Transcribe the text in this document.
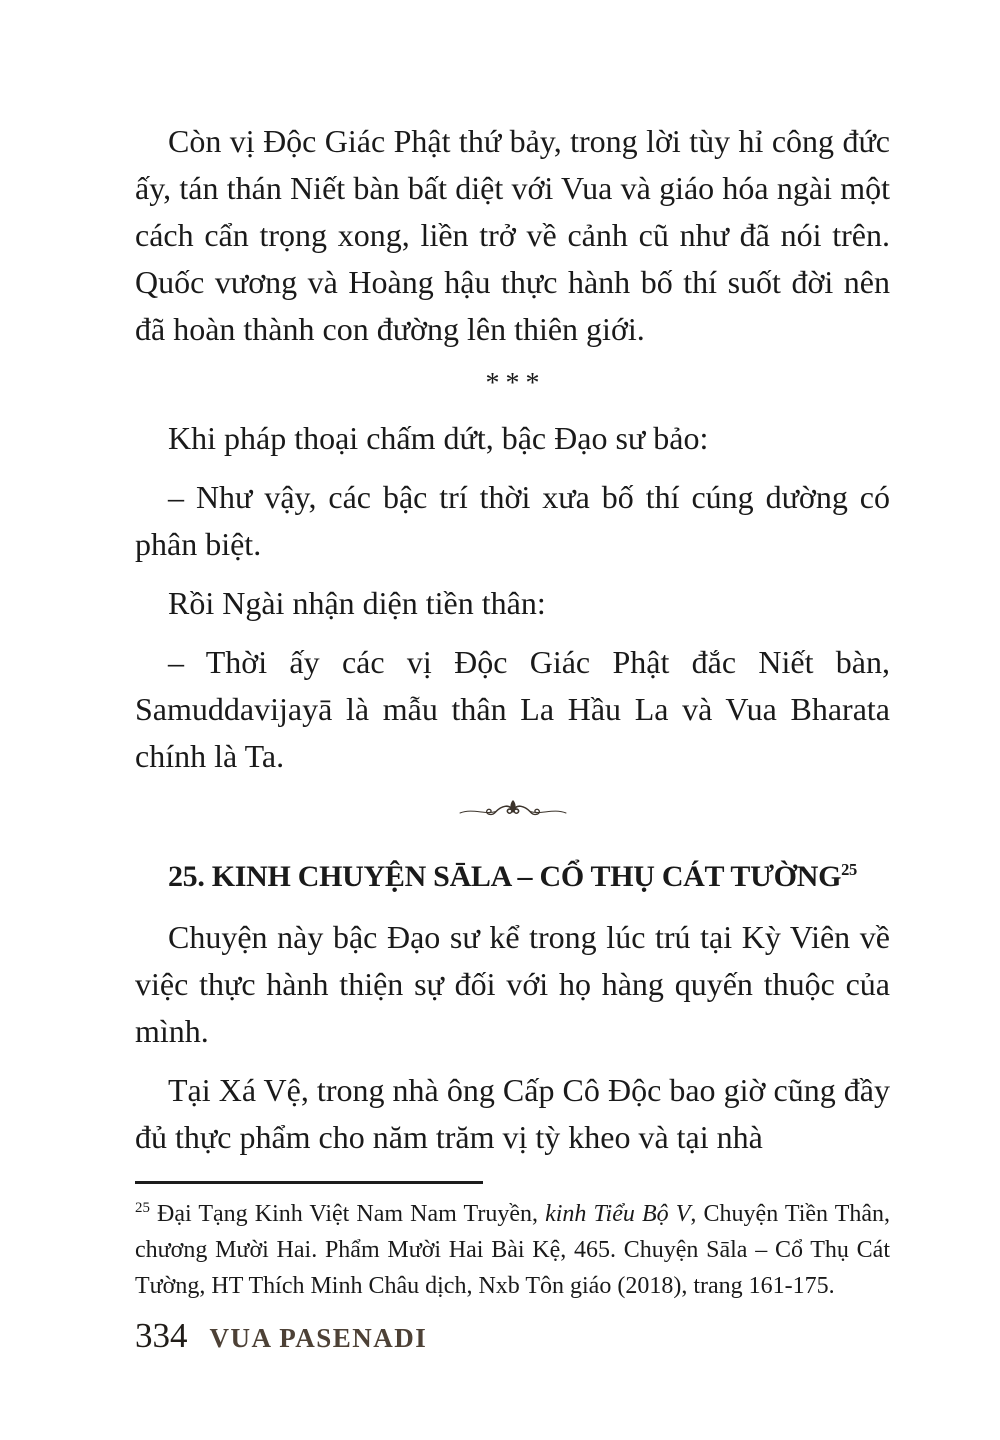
Còn vị Độc Giác Phật thứ bảy, trong lời tùy hỉ công đức ấy, tán thán Niết bàn bất diệt với Vua và giáo hóa ngài một cách cẩn trọng xong, liền trở về cảnh cũ như đã nói trên. Quốc vương và Hoàng hậu thực hành bố thí suốt đời nên đã hoàn thành con đường lên thiên giới.

***

Khi pháp thoại chấm dứt, bậc Đạo sư bảo:

– Như vậy, các bậc trí thời xưa bố thí cúng dường có phân biệt.

Rồi Ngài nhận diện tiền thân:

– Thời ấy các vị Độc Giác Phật đắc Niết bàn, Samuddavijayā là mẫu thân La Hầu La và Vua Bharata chính là Ta.

25. KINH CHUYỆN SĀLA – CỔ THỤ CÁT TƯỜNG$^{25}$

Chuyện này bậc Đạo sư kể trong lúc trú tại Kỳ Viên về việc thực hành thiện sự đối với họ hàng quyến thuộc của mình.

Tại Xá Vệ, trong nhà ông Cấp Cô Độc bao giờ cũng đầy đủ thực phẩm cho năm trăm vị tỳ kheo và tại nhà

$^{25}$ Đại Tạng Kinh Việt Nam Nam Truyền, kinh Tiểu Bộ V, Chuyện Tiền Thân, chương Mười Hai. Phẩm Mười Hai Bài Kệ, 465. Chuyện Sāla – Cổ Thụ Cát Tường, HT Thích Minh Châu dịch, Nxb Tôn giáo (2018), trang 161-175.

334 VUA PASENADI
